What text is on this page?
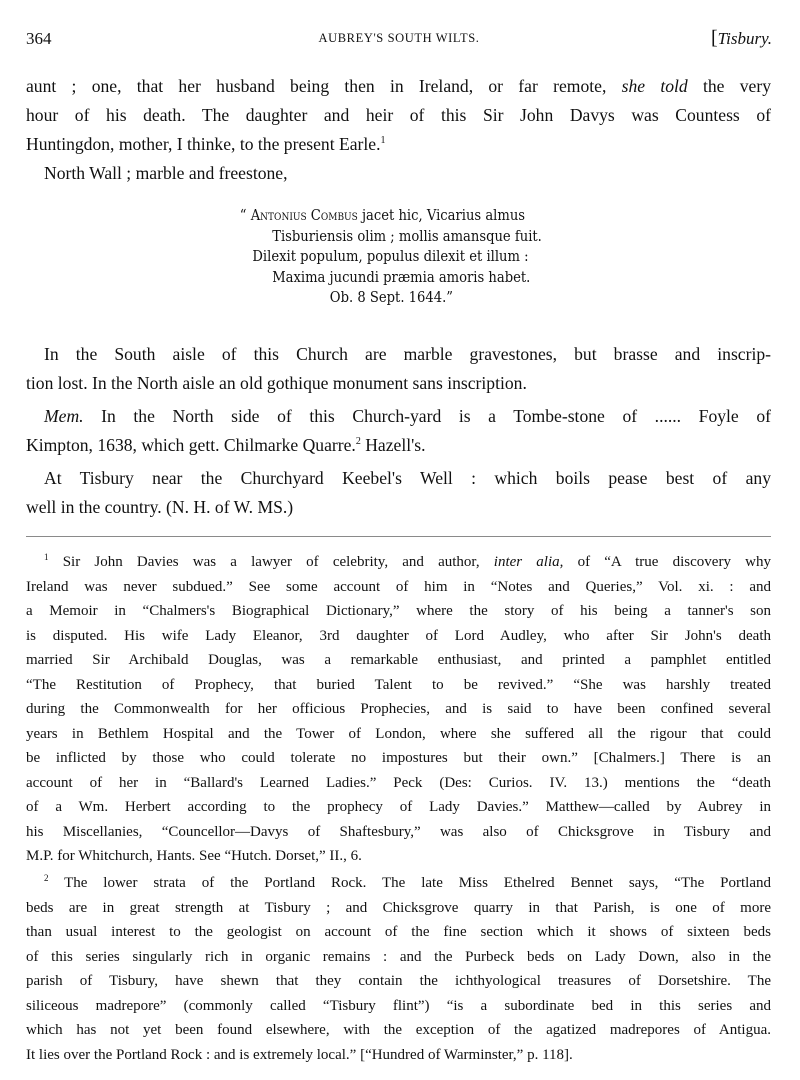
364	AUBREY'S SOUTH WILTS.	[Tisbury.
aunt ; one, that her husband being then in Ireland, or far remote, she told the very
hour of his death. The daughter and heir of this Sir John Davys was Countess of
Huntingdon, mother, I thinke, to the present Earle.$^1$
North Wall ; marble and freestone,
“ Antonius Combus jacet hic, Vicarius almus
Tisburiensis olim ; mollis amansque fuit.
Dilexit populum, populus dilexit et illum :
Maxima jucundi præmia amoris habet.
Ob. 8 Sept. 1644.”
In the South aisle of this Church are marble gravestones, but brasse and inscrip-
tion lost. In the North aisle an old gothique monument sans inscription.
Mem. In the North side of this Church-yard is a Tombe-stone of ...... Foyle of
Kimpton, 1638, which gett. Chilmarke Quarre.$^2$ Hazell's.
At Tisbury near the Churchyard Keebel's Well : which boils pease best of any
well in the country. (N. H. of W. MS.)
$^1$ Sir John Davies was a lawyer of celebrity, and author, inter alia, of “A true discovery why
Ireland was never subdued.” See some account of him in “Notes and Queries,” Vol. xi. : and
a Memoir in “Chalmers's Biographical Dictionary,” where the story of his being a tanner's son
is disputed. His wife Lady Eleanor, 3rd daughter of Lord Audley, who after Sir John's death
married Sir Archibald Douglas, was a remarkable enthusiast, and printed a pamphlet entitled
“The Restitution of Prophecy, that buried Talent to be revived.” “She was harshly treated
during the Commonwealth for her officious Prophecies, and is said to have been confined several
years in Bethlem Hospital and the Tower of London, where she suffered all the rigour that could
be inflicted by those who could tolerate no impostures but their own.” [Chalmers.] There is an
account of her in “Ballard's Learned Ladies.” Peck (Des: Curios. IV. 13.) mentions the “death
of a Wm. Herbert according to the prophecy of Lady Davies.” Matthew—called by Aubrey in
his Miscellanies, “Councellor—Davys of Shaftesbury,” was also of Chicksgrove in Tisbury and
M.P. for Whitchurch, Hants. See “Hutch. Dorset,” II., 6.
$^2$ The lower strata of the Portland Rock. The late Miss Ethelred Bennet says, “The Portland
beds are in great strength at Tisbury ; and Chicksgrove quarry in that Parish, is one of more
than usual interest to the geologist on account of the fine section which it shows of sixteen beds
of this series singularly rich in organic remains : and the Purbeck beds on Lady Down, also in the
parish of Tisbury, have shewn that they contain the ichthyological treasures of Dorsetshire. The
siliceous madrepore” (commonly called “Tisbury flint”) “is a subordinate bed in this series and
which has not yet been found elsewhere, with the exception of the agatized madrepores of Antigua.
It lies over the Portland Rock : and is extremely local.” [“Hundred of Warminster,” p. 118].
